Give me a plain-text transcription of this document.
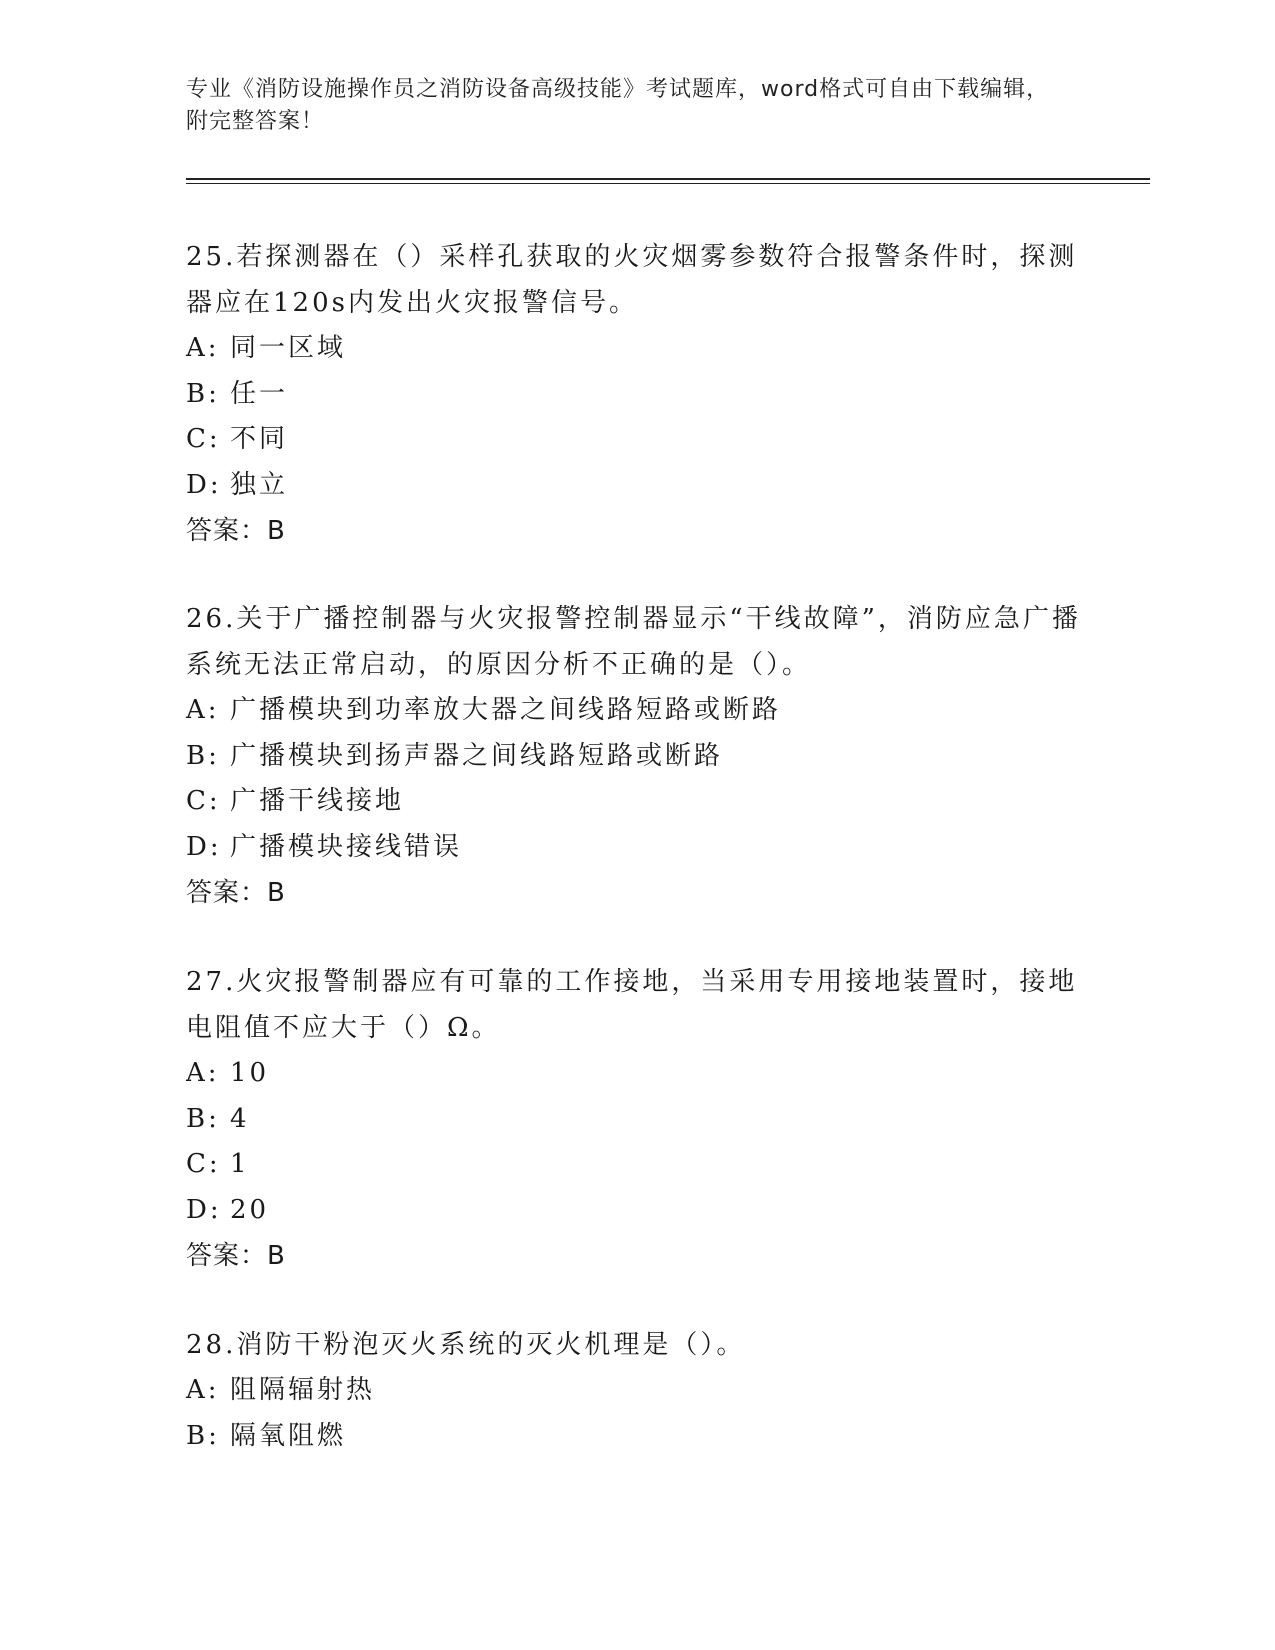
专业《消防设施操作员之消防设备高级技能》考试题库，word格式可自由下载编辑，附完整答案！

25.若探测器在（）采样孔获取的火灾烟雾参数符合报警条件时，探测器应在120s内发出火灾报警信号。

A: 同一区域

B: 任一

C: 不同

D: 独立

答案：B

26.关于广播控制器与火灾报警控制器显示“干线故障”，消防应急广播系统无法正常启动，的原因分析不正确的是（）。

A: 广播模块到功率放大器之间线路短路或断路

B: 广播模块到扬声器之间线路短路或断路

C: 广播干线接地

D: 广播模块接线错误

答案：B

27.火灾报警制器应有可靠的工作接地，当采用专用接地装置时，接地电阻值不应大于（）Ω。

A: 10

B: 4

C: 1

D: 20

答案：B

28.消防干粉泡灭火系统的灭火机理是（）。

A: 阻隔辐射热

B: 隔氧阻燃
